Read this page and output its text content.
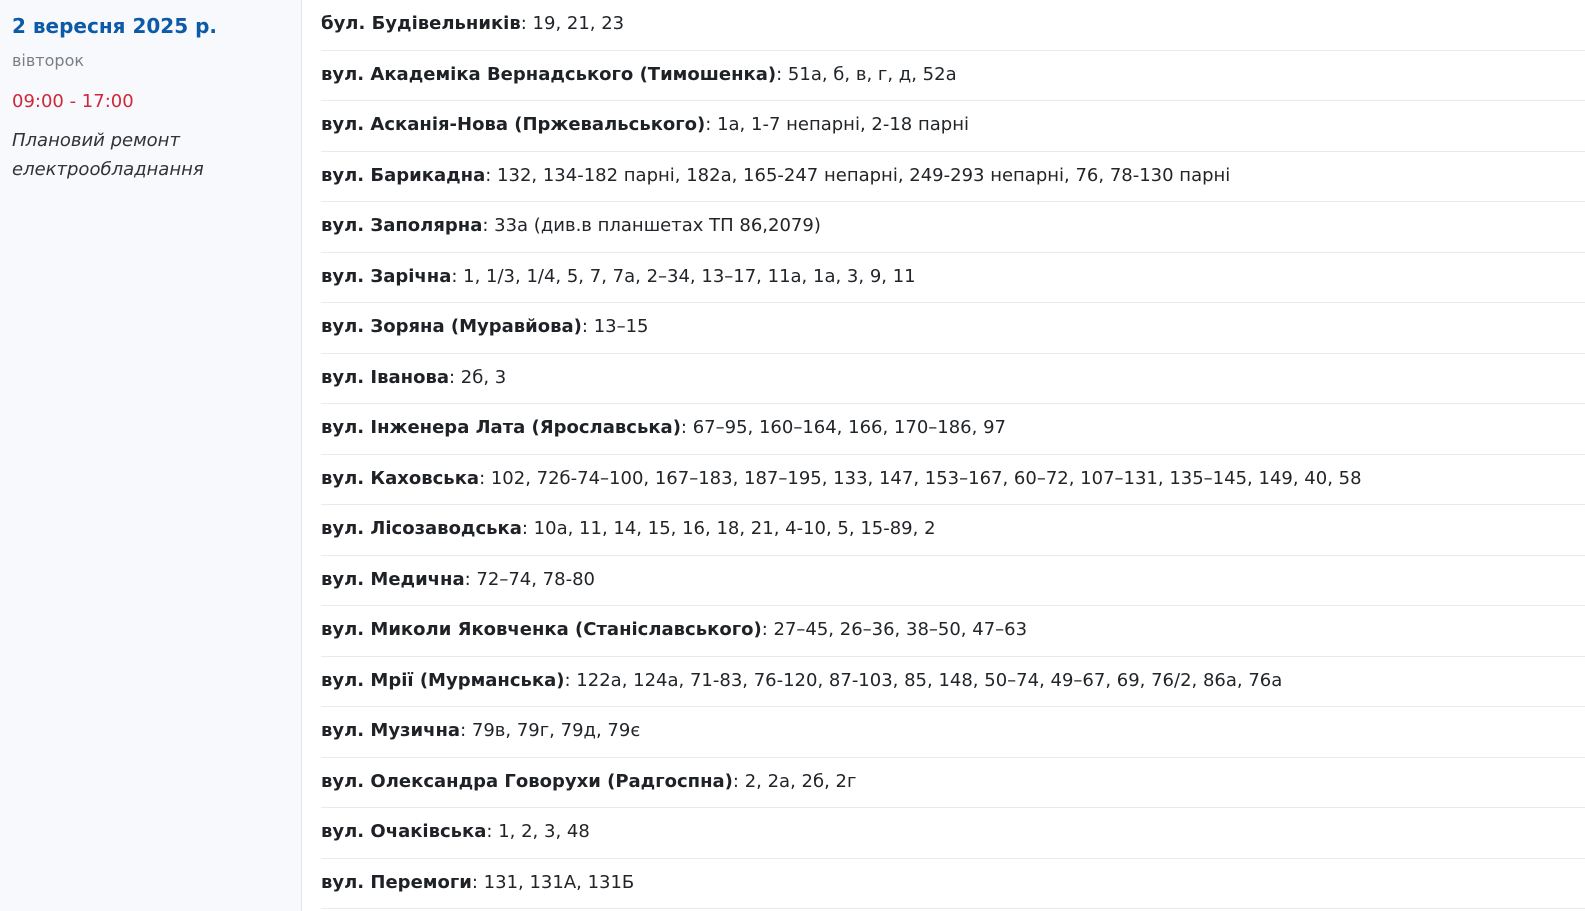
2 вересня 2025 р.
вівторок
09:00 - 17:00
Плановий ремонт електрообладнання
бул. Будівельників : 19, 21, 23
вул. Академіка Вернадського (Тимошенка) : 51а, б, в, г, д, 52а
вул. Асканія-Нова (Пржевальського) : 1а, 1-7 непарні, 2-18 парні
вул. Барикадна : 132, 134-182 парні, 182а, 165-247 непарні, 249-293 непарні, 76, 78-130 парні
вул. Заполярна : 33а (див.в планшетах ТП 86,2079)
вул. Зарічна : 1, 1/3, 1/4, 5, 7, 7а, 2–34, 13–17, 11а, 1а, 3, 9, 11
вул. Зоряна (Муравйова) : 13–15
вул. Іванова : 2б, 3
вул. Інженера Лата (Ярославська) : 67–95, 160–164, 166, 170–186, 97
вул. Каховська : 102, 72б-74–100, 167–183, 187–195, 133, 147, 153–167, 60–72, 107–131, 135–145, 149, 40, 58
вул. Лісозаводська : 10а, 11, 14, 15, 16, 18, 21, 4-10, 5, 15-89, 2
вул. Медична : 72–74, 78-80
вул. Миколи Яковченка (Станіславського) : 27–45, 26–36, 38–50, 47–63
вул. Мрії (Мурманська) : 122а, 124а, 71-83, 76-120, 87-103, 85, 148, 50–74, 49–67, 69, 76/2, 86а, 76а
вул. Музична : 79в, 79г, 79д, 79є
вул. Олександра Говорухи (Радгоспна) : 2, 2а, 2б, 2г
вул. Очаківська : 1, 2, 3, 48
вул. Перемоги : 131, 131А, 131Б
